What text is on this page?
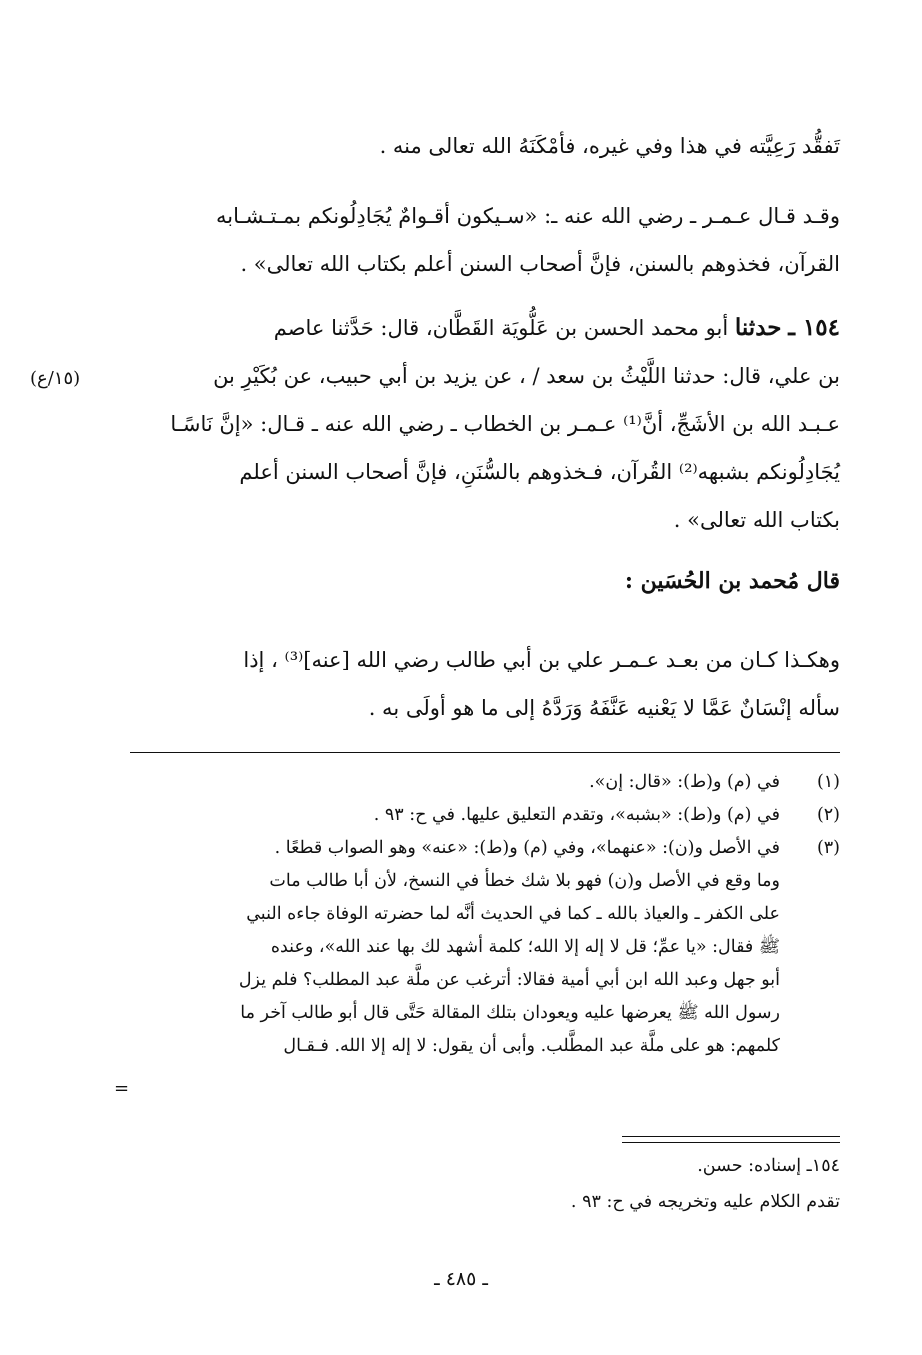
تَفقُّد رَعِيَّته في هذا وفي غيره، فأمْكَنَهُ الله تعالى منه .

وقـد قـال عـمـر ـ رضي الله عنه ـ: «سـيكون أقـوامٌ يُجَادِلُونكم بمـتـشـابه

القرآن، فخذوهم بالسنن، فإنَّ أصحاب السنن أعلم بكتاب الله تعالى» .

١٥٤ ـ حدثنا أبو محمد الحسن بن عَلُّويَة القَطَّان، قال: حَدَّثنا عاصم

بن علي، قال: حدثنا اللَّيْثُ بن سعد / ، عن يزيد بن أبي حبيب، عن بُكَيْرِ بن

عـبـد الله بن الأشَجِّ، أنَّ⁽¹⁾ عـمـر بن الخطاب ـ رضي الله عنه ـ قـال: «إنَّ نَاسًـا

يُجَادِلُونكم بشبهه⁽²⁾ القُرآن، فـخذوهم بالسُّنَنِ، فإنَّ أصحاب السنن أعلم

بكتاب الله تعالى» .

(١٥/ع)

قال مُحمد بن الحُسَين :

وهكـذا كـان من بعـد عـمـر علي بن أبي طالب رضي الله [عنه]⁽³⁾ ، إذا

سأله إنْسَانٌ عَمَّا لا يَعْنيه عَنَّفَهُ وَرَدَّهُ إلى ما هو أولَى به .

(١)
في (م) و(ط): «قال: إن».
(٢)
في (م) و(ط): «بشبه»، وتقدم التعليق عليها. في ح: ٩٣ .
(٣)
في الأصل و(ن): «عنهما»، وفي (م) و(ط): «عنه» وهو الصواب قطعًا .
وما وقع في الأصل و(ن) فهو بلا شك خطأ في النسخ، لأن أبا طالب مات
على الكفر ـ والعياذ بالله ـ كما في الحديث أنَّه لما حضرته الوفاة جاءه النبي
ﷺ فقال: «يا عمِّ؛ قل لا إله إلا الله؛ كلمة أشهد لك بها عند الله»، وعنده
أبو جهل وعبد الله ابن أبي أمية فقالا: أترغب عن ملَّة عبد المطلب؟ فلم يزل
رسول الله ﷺ يعرضها عليه ويعودان بتلك المقالة حَتَّى قال أبو طالب آخر ما
كلمهم: هو على ملَّة عبد المطَّلب. وأبى أن يقول: لا إله إلا الله. فـقـال
=
١٥٤ـ إسناده: حسن.
تقدم الكلام عليه وتخريجه في ح: ٩٣ .
ـ ٤٨٥ ـ
